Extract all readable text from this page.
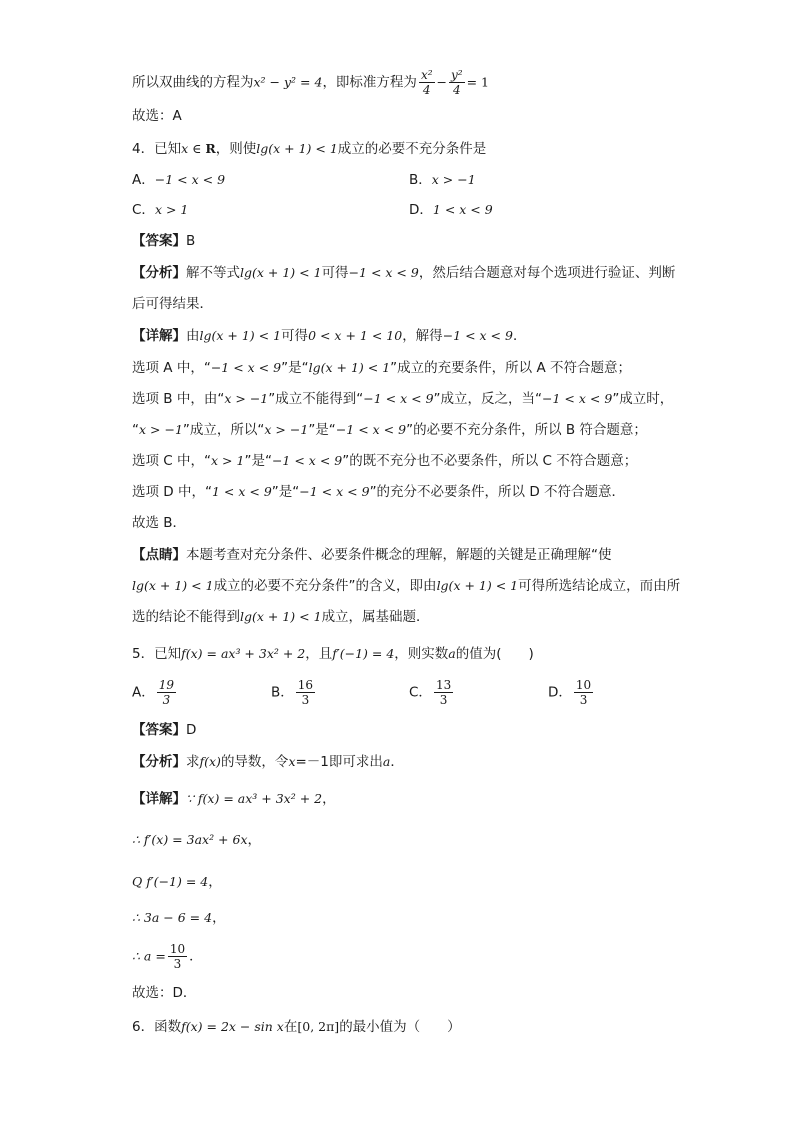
所以双曲线的方程为x² − y² = 4，即标准方程为 $\frac{\text{x²}}{4} - \frac{\text{y²}}{4} = 1$
故选：A
4．已知x ∈ R，则使lg(x + 1) < 1成立的必要不充分条件是
A．−1 < x < 9	B．x > −1
C．x > 1	D．1 < x < 9
【答案】B
【分析】解不等式lg(x + 1) < 1可得−1 < x < 9，然后结合题意对每个选项进行验证、判断
后可得结果．
【详解】由lg(x + 1) < 1可得0 < x + 1 < 10，解得−1 < x < 9．
选项 A 中，“−1 < x < 9”是“lg(x + 1) < 1”成立的充要条件，所以 A 不符合题意；
选项 B 中，由“x > −1”成立不能得到“−1 < x < 9”成立，反之，当“−1 < x < 9”成立时，
“x > −1”成立，所以“x > −1”是“−1 < x < 9”的必要不充分条件，所以 B 符合题意；
选项 C 中，“x > 1”是“−1 < x < 9”的既不充分也不必要条件，所以 C 不符合题意；
选项 D 中，“1 < x < 9”是“−1 < x < 9”的充分不必要条件，所以 D 不符合题意．
故选 B．
【点睛】本题考查对充分条件、必要条件概念的理解，解题的关键是正确理解“使
lg(x + 1) < 1成立的必要不充分条件”的含义，即由lg(x + 1) < 1可得所选结论成立，而由所
选的结论不能得到lg(x + 1) < 1成立，属基础题．
5．已知f(x) = ax³ + 3x² + 2，且f′(−1) = 4，则实数a的值为(　　)
A． $\frac{19}{3}$	B． $\frac{16}{3}$	C． $\frac{13}{3}$	D． $\frac{10}{3}$
【答案】D
【分析】求f(x)的导数，令x=－1即可求出a．
【详解】∵ f(x) = ax³ + 3x² + 2，
∴ f′(x) = 3ax² + 6x，
Q f′(−1) = 4，
∴ 3a − 6 = 4，
∴ $a = \frac{10}{3}$ ．
故选：D．
6．函数f(x) = 2x − sin x在[0, 2π]的最小值为（　　）
